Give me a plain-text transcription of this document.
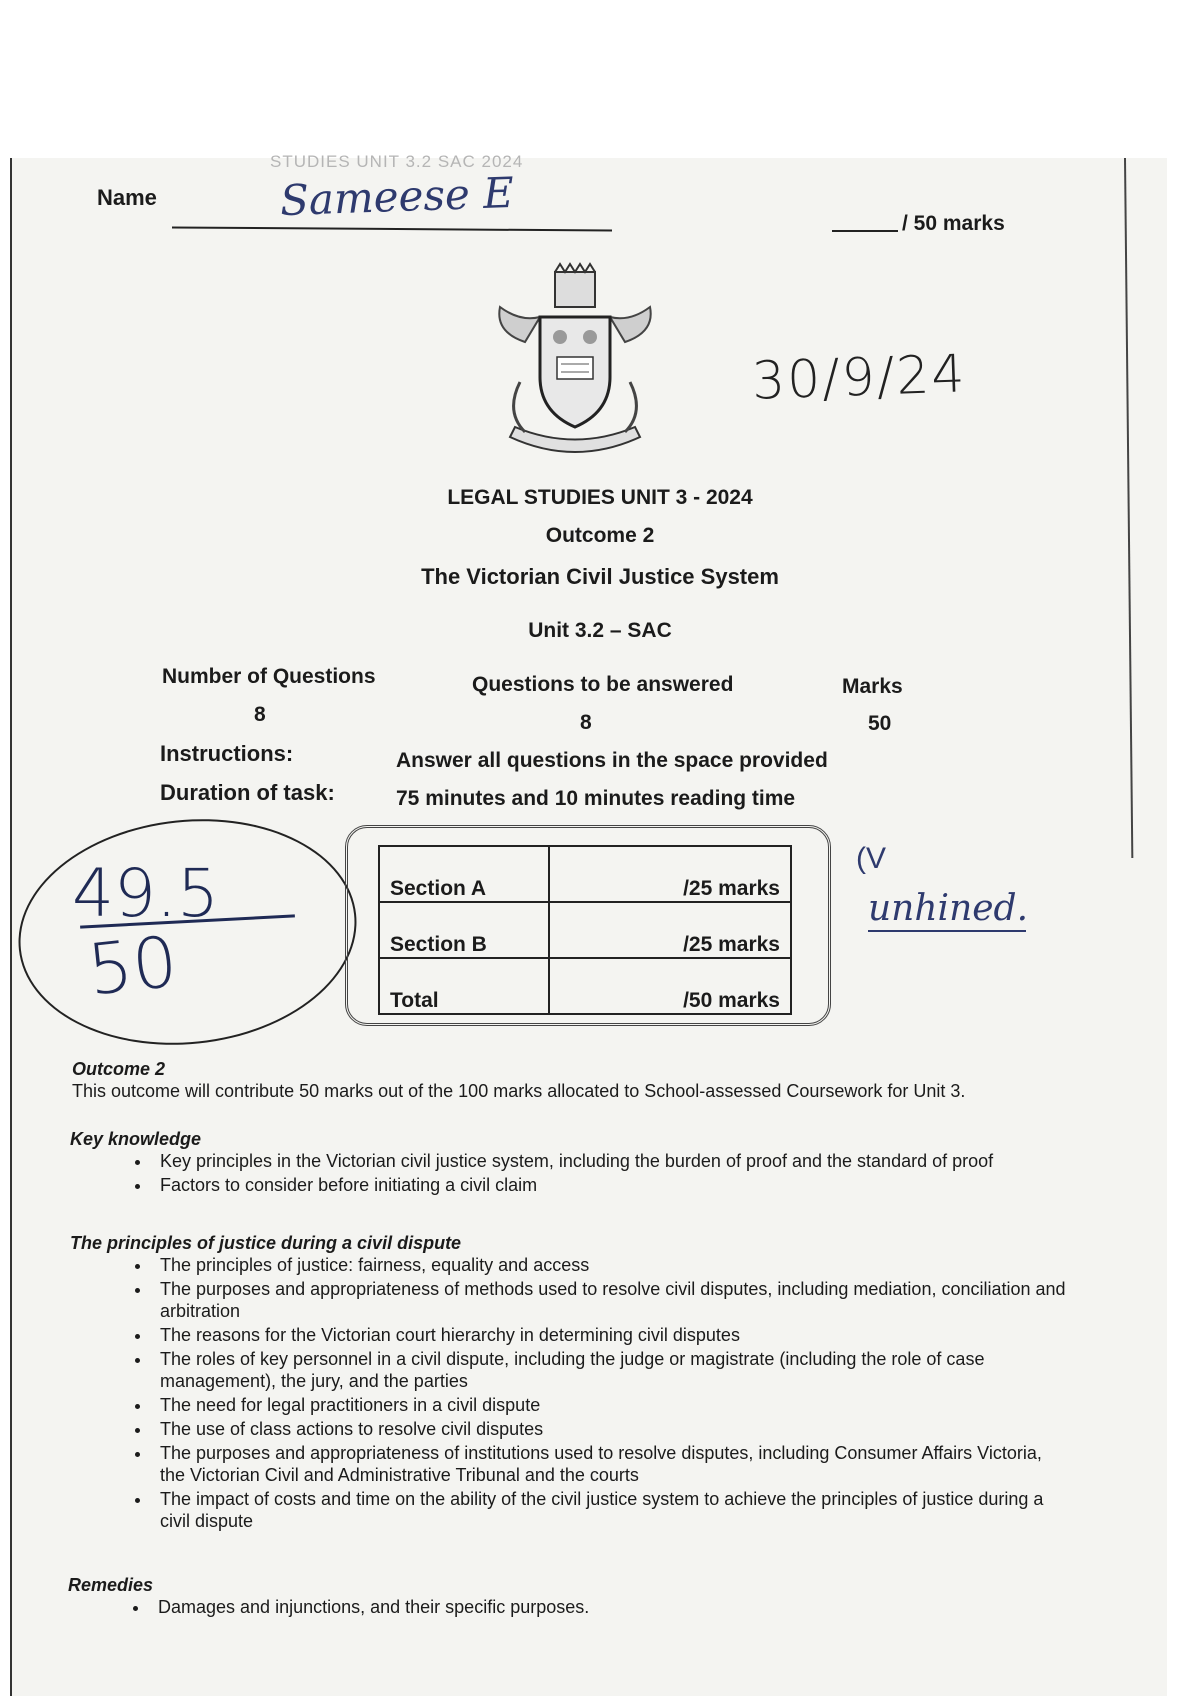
STUDIES UNIT 3.2 SAC 2024
Name	Sameese E	/ 50 marks
30/9/24
LEGAL STUDIES UNIT 3 - 2024
Outcome 2
The Victorian Civil Justice System
Unit 3.2 – SAC
Number of Questions	Questions to be answered	Marks
8	8	50
Instructions:	Answer all questions in the space provided
Duration of task:	75 minutes and 10 minutes reading time
49.5
50
Section A	/25 marks
Section B	/25 marks
Total	/50 marks
(V
unhined.
Outcome 2
This outcome will contribute 50 marks out of the 100 marks allocated to School-assessed Coursework for Unit 3.
Key knowledge
• Key principles in the Victorian civil justice system, including the burden of proof and the standard of proof
• Factors to consider before initiating a civil claim
The principles of justice during a civil dispute
• The principles of justice: fairness, equality and access
• The purposes and appropriateness of methods used to resolve civil disputes, including mediation, conciliation and arbitration
• The reasons for the Victorian court hierarchy in determining civil disputes
• The roles of key personnel in a civil dispute, including the judge or magistrate (including the role of case management), the jury, and the parties
• The need for legal practitioners in a civil dispute
• The use of class actions to resolve civil disputes
• The purposes and appropriateness of institutions used to resolve disputes, including Consumer Affairs Victoria, the Victorian Civil and Administrative Tribunal and the courts
• The impact of costs and time on the ability of the civil justice system to achieve the principles of justice during a civil dispute
Remedies
• Damages and injunctions, and their specific purposes.
